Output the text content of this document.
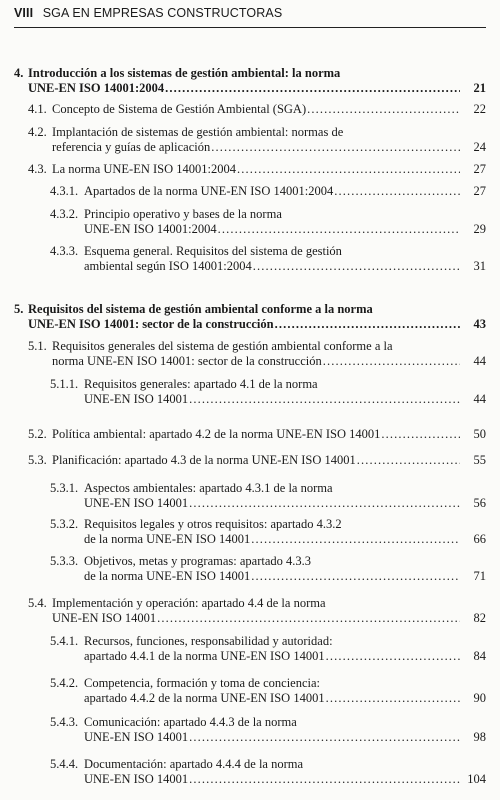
VIII SGA EN EMPRESAS CONSTRUCTORAS
4. Introducción a los sistemas de gestión ambiental: la norma
UNE-EN ISO 14001:2004 . . .	21
4.1. Concepto de Sistema de Gestión Ambiental (SGA) . . .	22
4.2. Implantación de sistemas de gestión ambiental: normas de
referencia y guías de aplicación . . .	24
4.3. La norma UNE-EN ISO 14001:2004 . . .	27
4.3.1. Apartados de la norma UNE-EN ISO 14001:2004 . . .	27
4.3.2. Principio operativo y bases de la norma
UNE-EN ISO 14001:2004 . . .	29
4.3.3. Esquema general. Requisitos del sistema de gestión
ambiental según ISO 14001:2004 . . .	31
5. Requisitos del sistema de gestión ambiental conforme a la norma
UNE-EN ISO 14001: sector de la construcción . . .	43
5.1. Requisitos generales del sistema de gestión ambiental conforme a la
norma UNE-EN ISO 14001: sector de la construcción . . .	44
5.1.1. Requisitos generales: apartado 4.1 de la norma
UNE-EN ISO 14001 . . .	44
5.2. Política ambiental: apartado 4.2 de la norma UNE-EN ISO 14001 . . .	50
5.3. Planificación: apartado 4.3 de la norma UNE-EN ISO 14001 . . .	55
5.3.1. Aspectos ambientales: apartado 4.3.1 de la norma
UNE-EN ISO 14001 . . .	56
5.3.2. Requisitos legales y otros requisitos: apartado 4.3.2
de la norma UNE-EN ISO 14001 . . .	66
5.3.3. Objetivos, metas y programas: apartado 4.3.3
de la norma UNE-EN ISO 14001 . . .	71
5.4. Implementación y operación: apartado 4.4 de la norma
UNE-EN ISO 14001 . . .	82
5.4.1. Recursos, funciones, responsabilidad y autoridad:
apartado 4.4.1 de la norma UNE-EN ISO 14001 . . .	84
5.4.2. Competencia, formación y toma de conciencia:
apartado 4.4.2 de la norma UNE-EN ISO 14001 . . .	90
5.4.3. Comunicación: apartado 4.4.3 de la norma
UNE-EN ISO 14001 . . .	98
5.4.4. Documentación: apartado 4.4.4 de la norma
UNE-EN ISO 14001 . . .	104
